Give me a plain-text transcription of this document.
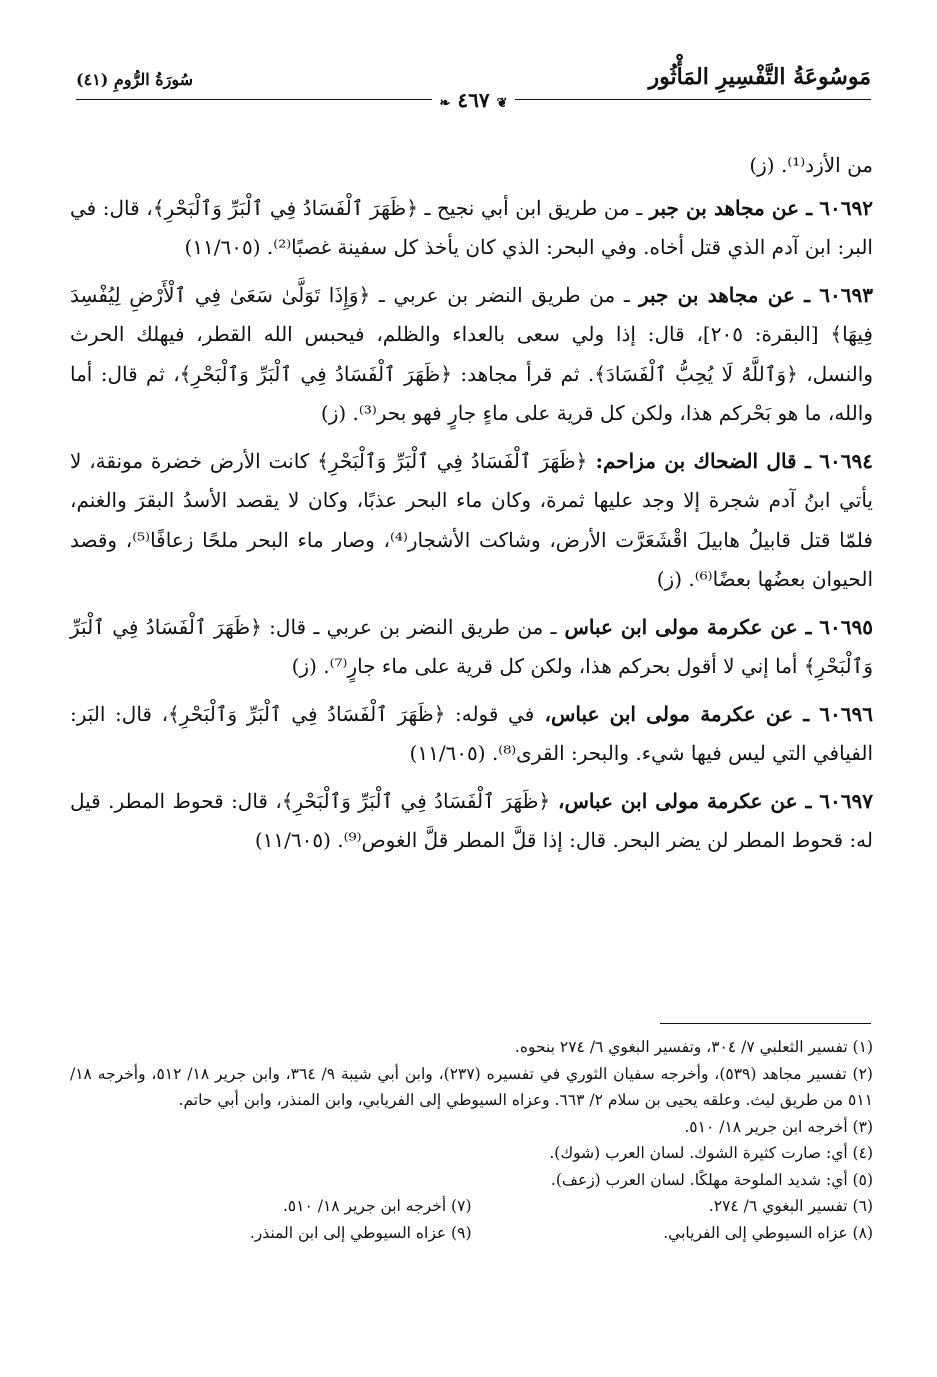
مَوسُوعَةُ التَّفْسِيرِ المَأْثُور
سُورَةُ الرُّومِ (٤١)
❧ ٤٦٧ ❦

من الأزد⁽¹⁾. (ز)

٦٠٦٩٢ ـ عن مجاهد بن جبر ـ من طريق ابن أبي نجيح ـ ﴿ظَهَرَ ٱلْفَسَادُ فِي ٱلْبَرِّ وَٱلْبَحْرِ﴾، قال: في البر: ابن آدم الذي قتل أخاه. وفي البحر: الذي كان يأخذ كل سفينة غصبًا⁽²⁾. (١١/٦٠٥)

٦٠٦٩٣ ـ عن مجاهد بن جبر ـ من طريق النضر بن عربي ـ ﴿وَإِذَا تَوَلَّىٰ سَعَىٰ فِي ٱلْأَرْضِ لِيُفْسِدَ فِيهَا﴾ [البقرة: ٢٠٥]، قال: إذا ولي سعى بالعداء والظلم، فيحبس الله القطر، فيهلك الحرث والنسل، ﴿وَٱللَّهُ لَا يُحِبُّ ٱلْفَسَادَ﴾. ثم قرأ مجاهد: ﴿ظَهَرَ ٱلْفَسَادُ فِي ٱلْبَرِّ وَٱلْبَحْرِ﴾، ثم قال: أما والله، ما هو بَحْركم هذا، ولكن كل قرية على ماءٍ جارٍ فهو بحر⁽³⁾. (ز)

٦٠٦٩٤ ـ قال الضحاك بن مزاحم: ﴿ظَهَرَ ٱلْفَسَادُ فِي ٱلْبَرِّ وَٱلْبَحْرِ﴾ كانت الأرض خضرة مونقة، لا يأتي ابنُ آدم شجرة إلا وجد عليها ثمرة، وكان ماء البحر عذبًا، وكان لا يقصد الأسدُ البقرَ والغنم، فلمّا قتل قابيلُ هابيلَ اقْشَعَرَّت الأرض، وشاكت الأشجار⁽⁴⁾، وصار ماء البحر ملحًا زعافًا⁽⁵⁾، وقصد الحيوان بعضُها بعضًا⁽⁶⁾. (ز)

٦٠٦٩٥ ـ عن عكرمة مولى ابن عباس ـ من طريق النضر بن عربي ـ قال: ﴿ظَهَرَ ٱلْفَسَادُ فِي ٱلْبَرِّ وَٱلْبَحْرِ﴾ أما إني لا أقول بحركم هذا، ولكن كل قرية على ماء جارٍ⁽⁷⁾. (ز)

٦٠٦٩٦ ـ عن عكرمة مولى ابن عباس، في قوله: ﴿ظَهَرَ ٱلْفَسَادُ فِي ٱلْبَرِّ وَٱلْبَحْرِ﴾، قال: البَر: الفيافي التي ليس فيها شيء. والبحر: القرى⁽⁸⁾. (١١/٦٠٥)

٦٠٦٩٧ ـ عن عكرمة مولى ابن عباس، ﴿ظَهَرَ ٱلْفَسَادُ فِي ٱلْبَرِّ وَٱلْبَحْرِ﴾، قال: قحوط المطر. قيل له: قحوط المطر لن يضر البحر. قال: إذا قلَّ المطر قلَّ الغوص⁽⁹⁾. (١١/٦٠٥)

(١) تفسير الثعلبي ٧/ ٣٠٤، وتفسير البغوي ٦/ ٢٧٤ بنحوه.

(٢) تفسير مجاهد (٥٣٩)، وأخرجه سفيان الثوري في تفسيره (٢٣٧)، وابن أبي شيبة ٩/ ٣٦٤، وابن جرير ١٨/ ٥١٢، وأخرجه ١٨/ ٥١١ من طريق ليث. وعلقه يحيى بن سلام ٢/ ٦٦٣. وعزاه السيوطي إلى الفريابي، وابن المنذر، وابن أبي حاتم.

(٣) أخرجه ابن جرير ١٨/ ٥١٠.

(٤) أي: صارت كثيرة الشوك. لسان العرب (شوك).

(٥) أي: شديد الملوحة مهلكًا. لسان العرب (زعف).

(٦) تفسير البغوي ٦/ ٢٧٤.
(٧) أخرجه ابن جرير ١٨/ ٥١٠.
(٨) عزاه السيوطي إلى الفريابي.
(٩) عزاه السيوطي إلى ابن المنذر.
